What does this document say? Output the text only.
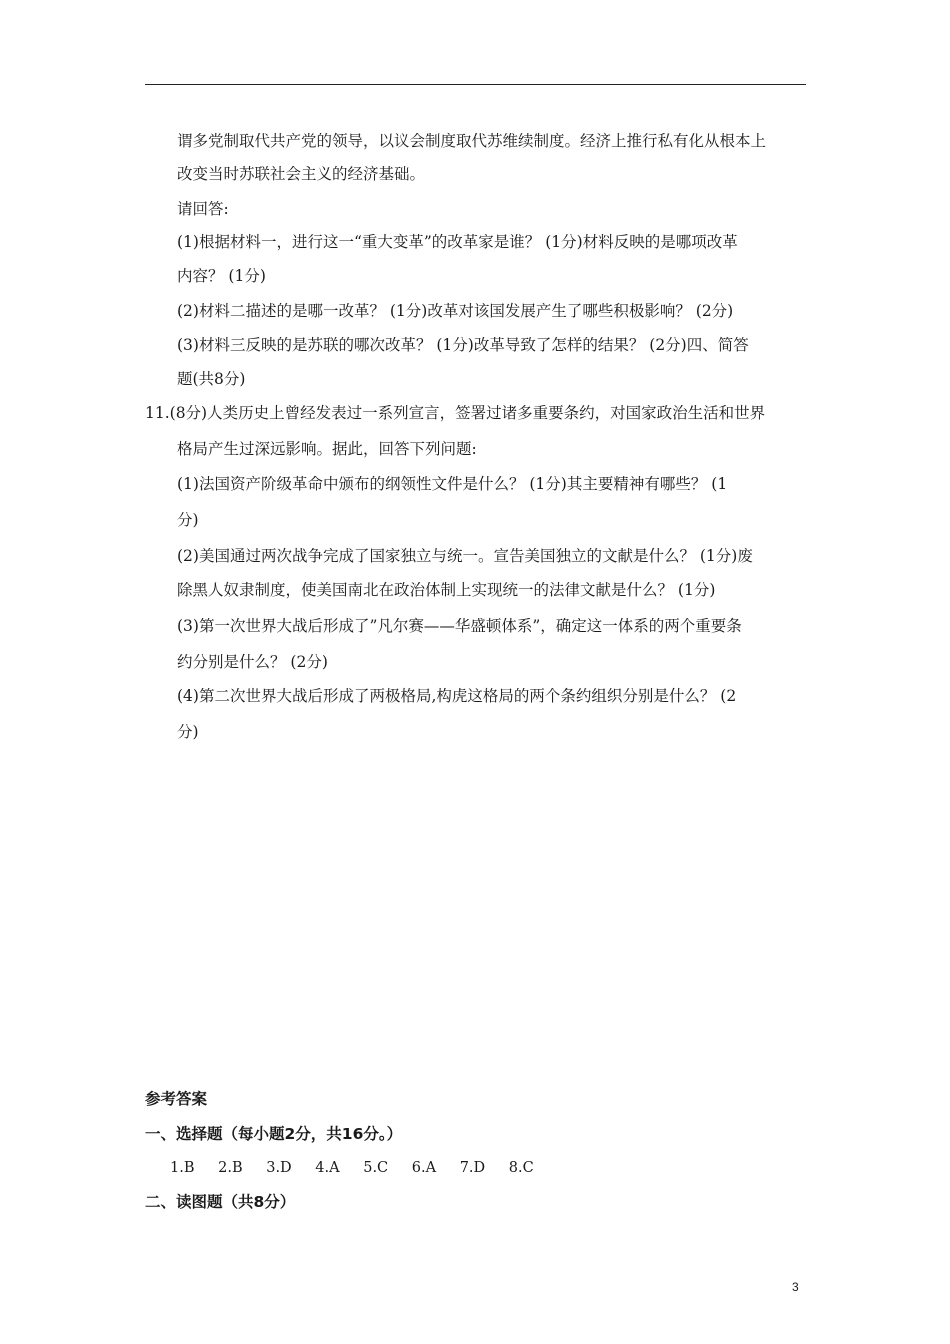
谓多党制取代共产党的领导，以议会制度取代苏维续制度。经济上推行私有化从根本上
改变当时苏联社会主义的经济基础。
请回答:
(1)根据材料一，进行这一“重大变革”的改革家是谁？ (1分)材料反映的是哪项改革
内容？ (1分)
(2)材料二描述的是哪一改革？ (1分)改革对该国发展产生了哪些积极影响？ (2分)
(3)材料三反映的是苏联的哪次改革？ (1分)改革导致了怎样的结果？ (2分)四、简答
题(共8分)
11.(8分)人类历史上曾经发表过一系列宣言，签署过诸多重要条约，对国家政治生活和世界
格局产生过深远影响。据此，回答下列问题:
(1)法国资产阶级革命中颁布的纲领性文件是什么？ (1分)其主要精神有哪些？ (1
分)
(2)美国通过两次战争完成了国家独立与统一。宣告美国独立的文献是什么？ (1分)废
除黑人奴隶制度，使美国南北在政治体制上实现统一的法律文献是什么？ (1分)
(3)第一次世界大战后形成了”凡尔赛——华盛顿体系”，确定这一体系的两个重要条
约分别是什么？ (2分)
(4)第二次世界大战后形成了两极格局,构虎这格局的两个条约组织分别是什么？ (2
分)
参考答案
一、选择题（每小题2分，共16分。）
1.B 2.B 3.D 4.A 5.C 6.A 7.D 8.C
二、读图题（共8分）
3
